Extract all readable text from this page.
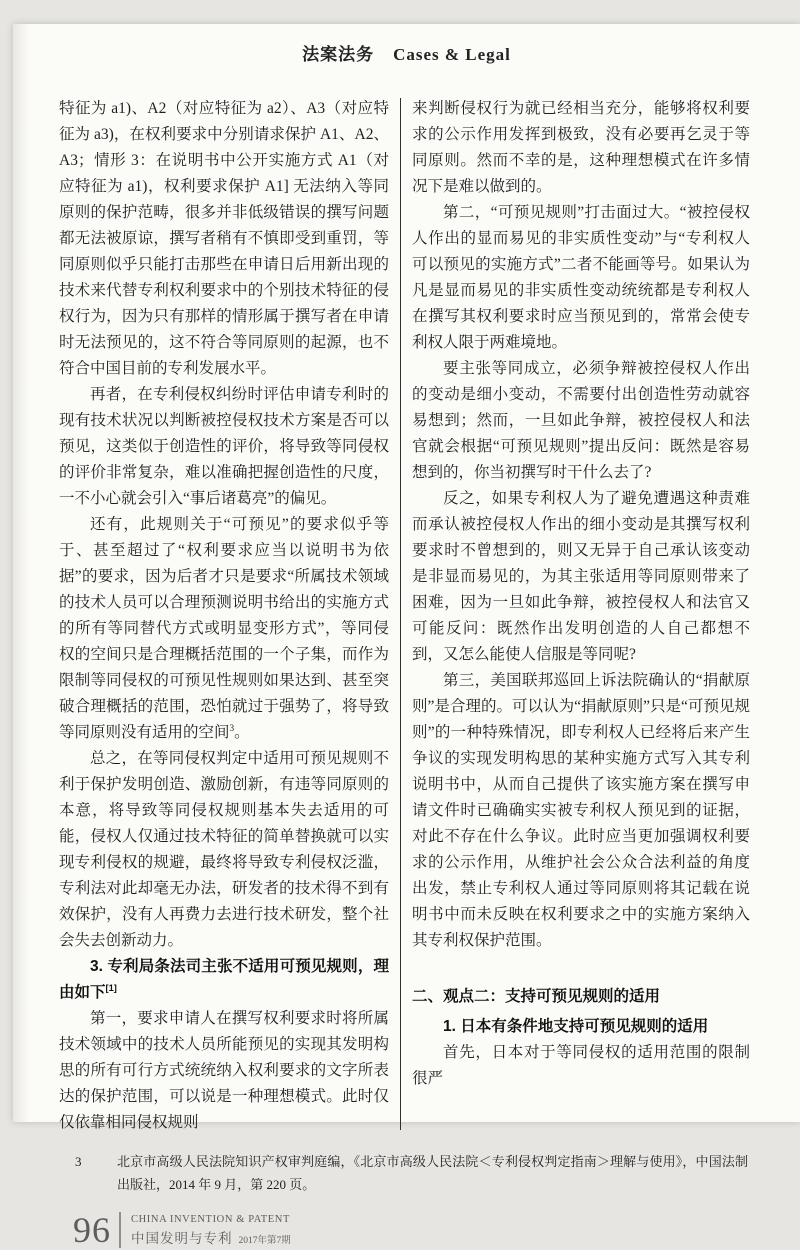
法案法务 Cases & Legal

特征为 a1)、A2（对应特征为 a2）、A3（对应特征为 a3)，在权利要求中分别请求保护 A1、A2、A3；情形 3：在说明书中公开实施方式 A1（对应特征为 a1)，权利要求保护 A1] 无法纳入等同原则的保护范畴，很多并非低级错误的撰写问题都无法被原谅，撰写者稍有不慎即受到重罚，等同原则似乎只能打击那些在申请日后用新出现的技术来代替专利权利要求中的个别技术特征的侵权行为，因为只有那样的情形属于撰写者在申请时无法预见的，这不符合等同原则的起源，也不符合中国目前的专利发展水平。

再者，在专利侵权纠纷时评估申请专利时的现有技术状况以判断被控侵权技术方案是否可以预见，这类似于创造性的评价，将导致等同侵权的评价非常复杂，难以准确把握创造性的尺度，一不小心就会引入“事后诸葛亮”的偏见。

还有，此规则关于“可预见”的要求似乎等于、甚至超过了“权利要求应当以说明书为依据”的要求，因为后者才只是要求“所属技术领域的技术人员可以合理预测说明书给出的实施方式的所有等同替代方式或明显变形方式”，等同侵权的空间只是合理概括范围的一个子集，而作为限制等同侵权的可预见性规则如果达到、甚至突破合理概括的范围，恐怕就过于强势了，将导致等同原则没有适用的空间$^3$。

总之，在等同侵权判定中适用可预见规则不利于保护发明创造、激励创新，有违等同原则的本意，将导致等同侵权规则基本失去适用的可能，侵权人仅通过技术特征的简单替换就可以实现专利侵权的规避，最终将导致专利侵权泛滥，专利法对此却毫无办法，研发者的技术得不到有效保护，没有人再费力去进行技术研发，整个社会失去创新动力。

3. 专利局条法司主张不适用可预见规则，理由如下[1]

第一，要求申请人在撰写权利要求时将所属技术领域中的技术人员所能预见的实现其发明构思的所有可行方式统统纳入权利要求的文字所表达的保护范围，可以说是一种理想模式。此时仅仅依靠相同侵权规则

来判断侵权行为就已经相当充分，能够将权利要求的公示作用发挥到极致，没有必要再乞灵于等同原则。然而不幸的是，这种理想模式在许多情况下是难以做到的。

第二，“可预见规则”打击面过大。“被控侵权人作出的显而易见的非实质性变动”与“专利权人可以预见的实施方式”二者不能画等号。如果认为凡是显而易见的非实质性变动统统都是专利权人在撰写其权利要求时应当预见到的，常常会使专利权人限于两难境地。

要主张等同成立，必须争辩被控侵权人作出的变动是细小变动，不需要付出创造性劳动就容易想到；然而，一旦如此争辩，被控侵权人和法官就会根据“可预见规则”提出反问：既然是容易想到的，你当初撰写时干什么去了?

反之，如果专利权人为了避免遭遇这种责难而承认被控侵权人作出的细小变动是其撰写权利要求时不曾想到的，则又无异于自己承认该变动是非显而易见的，为其主张适用等同原则带来了困难，因为一旦如此争辩，被控侵权人和法官又可能反问：既然作出发明创造的人自己都想不到，又怎么能使人信服是等同呢?

第三，美国联邦巡回上诉法院确认的“捐献原则”是合理的。可以认为“捐献原则”只是“可预见规则”的一种特殊情况，即专利权人已经将后来产生争议的实现发明构思的某种实施方式写入其专利说明书中，从而自己提供了该实施方案在撰写申请文件时已确确实实被专利权人预见到的证据，对此不存在什么争议。此时应当更加强调权利要求的公示作用，从维护社会公众合法利益的角度出发，禁止专利权人通过等同原则将其记载在说明书中而未反映在权利要求之中的实施方案纳入其专利权保护范围。

二、观点二：支持可预见规则的适用

1. 日本有条件地支持可预见规则的适用

首先，日本对于等同侵权的适用范围的限制很严

3	北京市高级人民法院知识产权审判庭编，《北京市高级人民法院＜专利侵权判定指南＞理解与使用》，中国法制出版社，2014 年 9 月，第 220 页。
96 CHINA INVENTION & PATENT
中国发明与专利 2017年第7期
